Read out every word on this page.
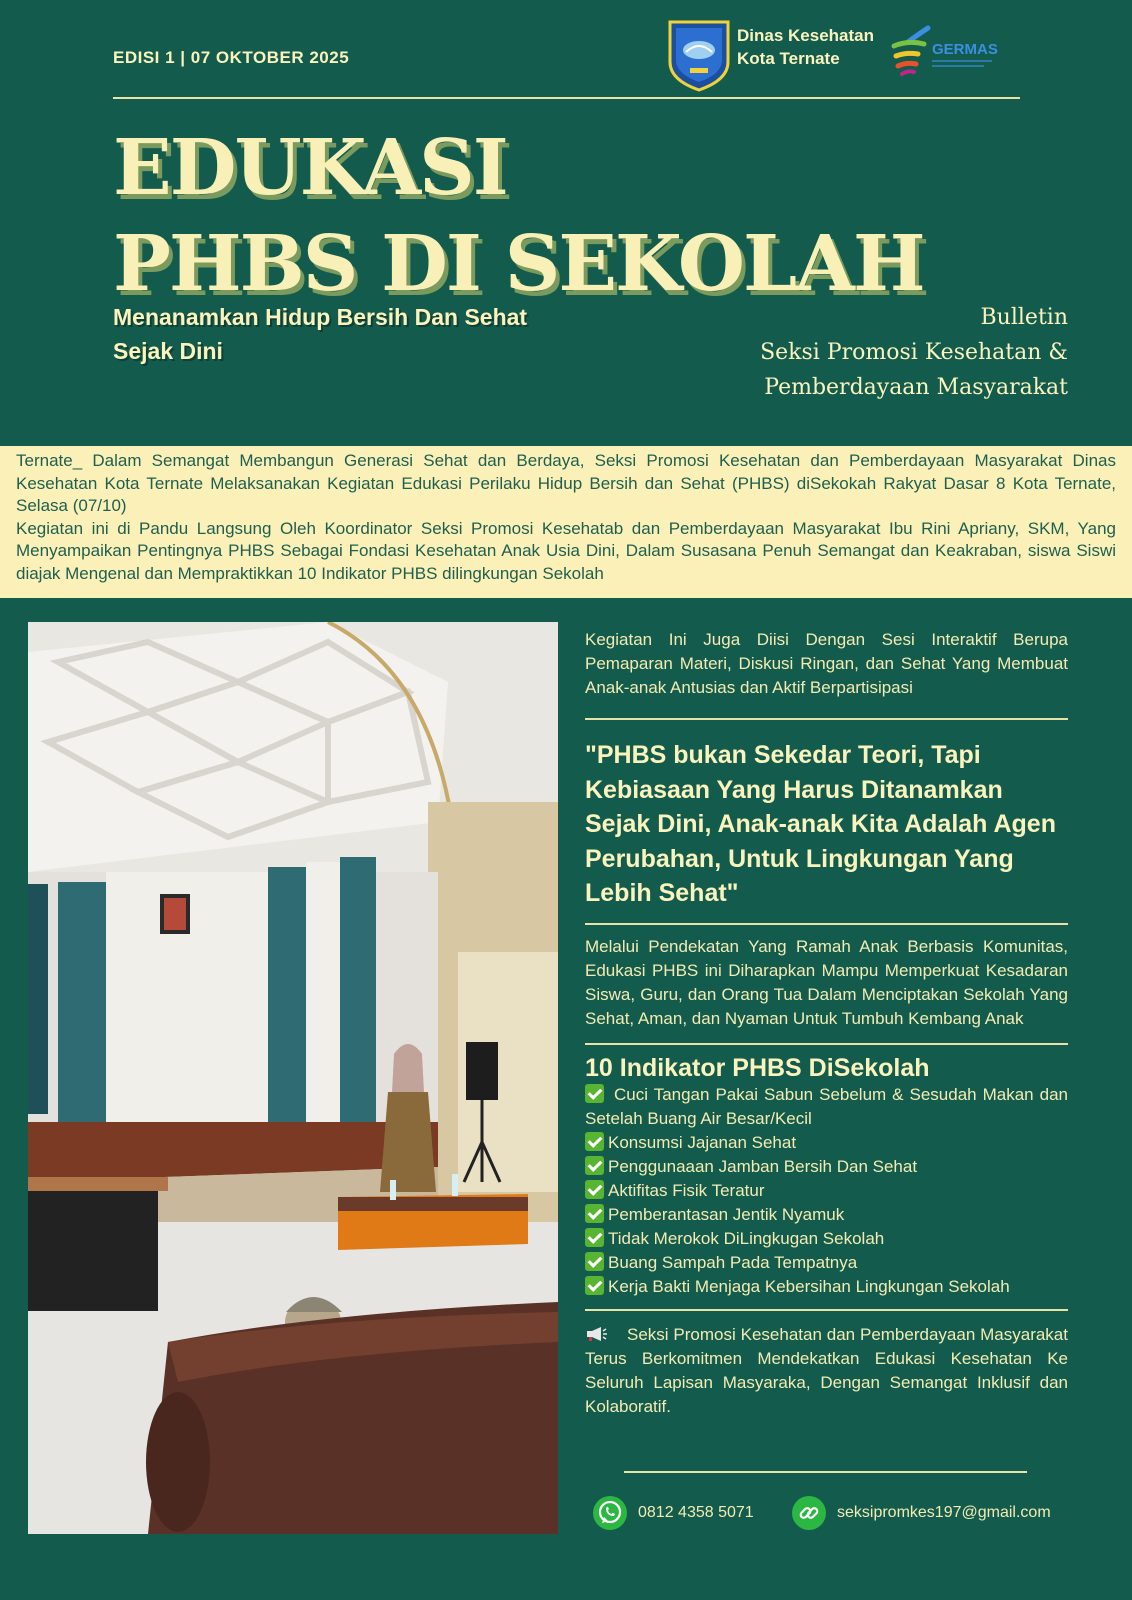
EDISI 1 | 07 OKTOBER 2025
Dinas Kesehatan
Kota Ternate	GERMAS
EDUKASI
PHBS DI SEKOLAH
Menanamkan Hidup Bersih Dan Sehat
Sejak Dini
Bulletin
Seksi Promosi Kesehatan &
Pemberdayaan Masyarakat

Ternate_ Dalam Semangat Membangun Generasi Sehat dan Berdaya, Seksi Promosi Kesehatan dan Pemberdayaan Masyarakat Dinas Kesehatan Kota Ternate Melaksanakan Kegiatan Edukasi Perilaku Hidup Bersih dan Sehat (PHBS) diSekokah Rakyat Dasar 8 Kota Ternate, Selasa (07/10)

Kegiatan ini di Pandu Langsung Oleh Koordinator Seksi Promosi Kesehatab dan Pemberdayaan Masyarakat Ibu Rini Apriany, SKM, Yang Menyampaikan Pentingnya PHBS Sebagai Fondasi Kesehatan Anak Usia Dini, Dalam Susasana Penuh Semangat dan Keakraban, siswa Siswi diajak Mengenal dan Mempraktikkan 10 Indikator PHBS dilingkungan Sekolah

Kegiatan Ini Juga Diisi Dengan Sesi Interaktif Berupa Pemaparan Materi, Diskusi Ringan, dan Sehat Yang Membuat Anak-anak Antusias dan Aktif Berpartisipasi

"PHBS bukan Sekedar Teori, Tapi Kebiasaan Yang Harus Ditanamkan Sejak Dini, Anak-anak Kita Adalah Agen Perubahan, Untuk Lingkungan Yang Lebih Sehat"

Melalui Pendekatan Yang Ramah Anak Berbasis Komunitas, Edukasi PHBS ini Diharapkan Mampu Memperkuat Kesadaran Siswa, Guru, dan Orang Tua Dalam Menciptakan Sekolah Yang Sehat, Aman, dan Nyaman Untuk Tumbuh Kembang Anak

10 Indikator PHBS DiSekolah
Cuci Tangan Pakai Sabun Sebelum & Sesudah Makan dan Setelah Buang Air Besar/Kecil
Konsumsi Jajanan Sehat
Penggunaaan Jamban Bersih Dan Sehat
Aktifitas Fisik Teratur
Pemberantasan Jentik Nyamuk
Tidak Merokok DiLingkugan Sekolah
Buang Sampah Pada Tempatnya
Kerja Bakti Menjaga Kebersihan Lingkungan Sekolah

Seksi Promosi Kesehatan dan Pemberdayaan Masyarakat Terus Berkomitmen Mendekatkan Edukasi Kesehatan Ke Seluruh Lapisan Masyaraka, Dengan Semangat Inklusif dan Kolaboratif.

0812 4358 5071	seksipromkes197@gmail.com
